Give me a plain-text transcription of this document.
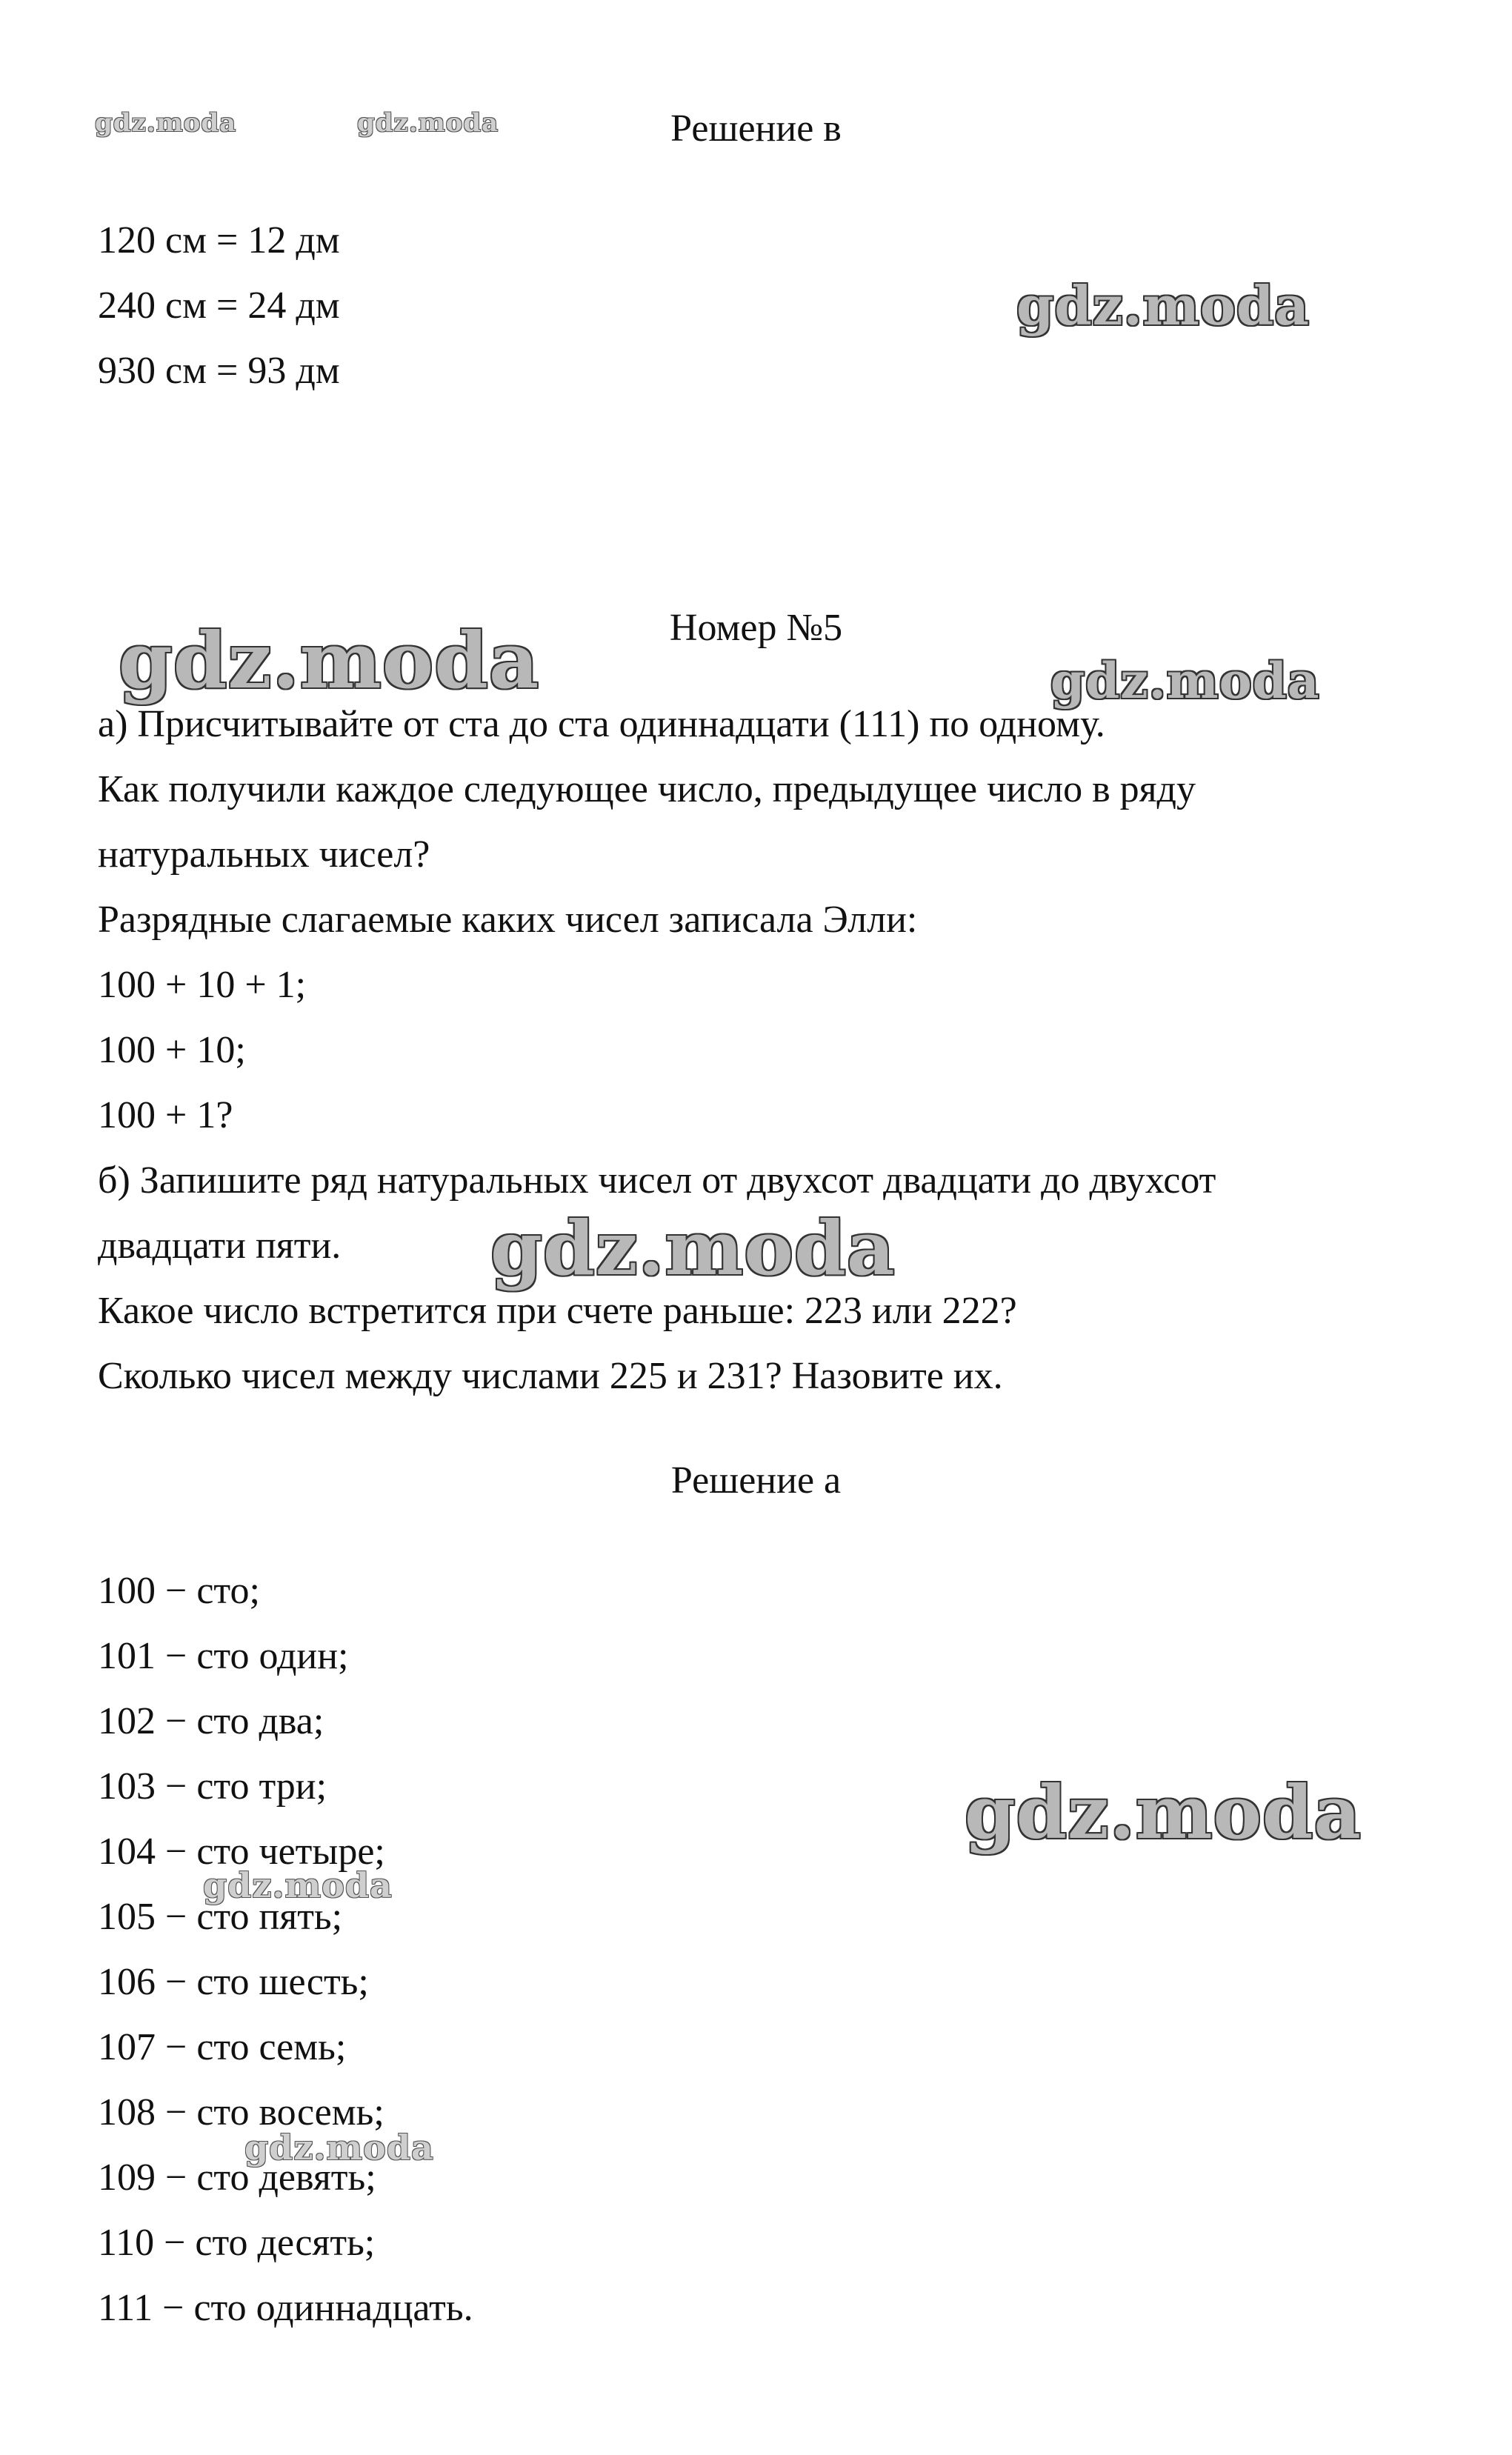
gdz.moda	gdz.moda
gdz.moda
gdz.moda	gdz.moda
gdz.moda
gdz.moda
gdz.moda
gdz.moda
Решение в
120 см = 12 дм
240 см = 24 дм
930 см = 93 дм
Номер №5
а) Присчитывайте от ста до ста одиннадцати (111) по одному.
Как получили каждое следующее число, предыдущее число в ряду
натуральных чисел?
Разрядные слагаемые каких чисел записала Элли:
100 + 10 + 1;
100 + 10;
100 + 1?
б) Запишите ряд натуральных чисел от двухсот двадцати до двухсот
двадцати пяти.
Какое число встретится при счете раньше: 223 или 222?
Сколько чисел между числами 225 и 231? Назовите их.
Решение а
100 − сто;
101 − сто один;
102 − сто два;
103 − сто три;
104 − сто четыре;
105 − сто пять;
106 − сто шесть;
107 − сто семь;
108 − сто восемь;
109 − сто девять;
110 − сто десять;
111 − сто одиннадцать.
